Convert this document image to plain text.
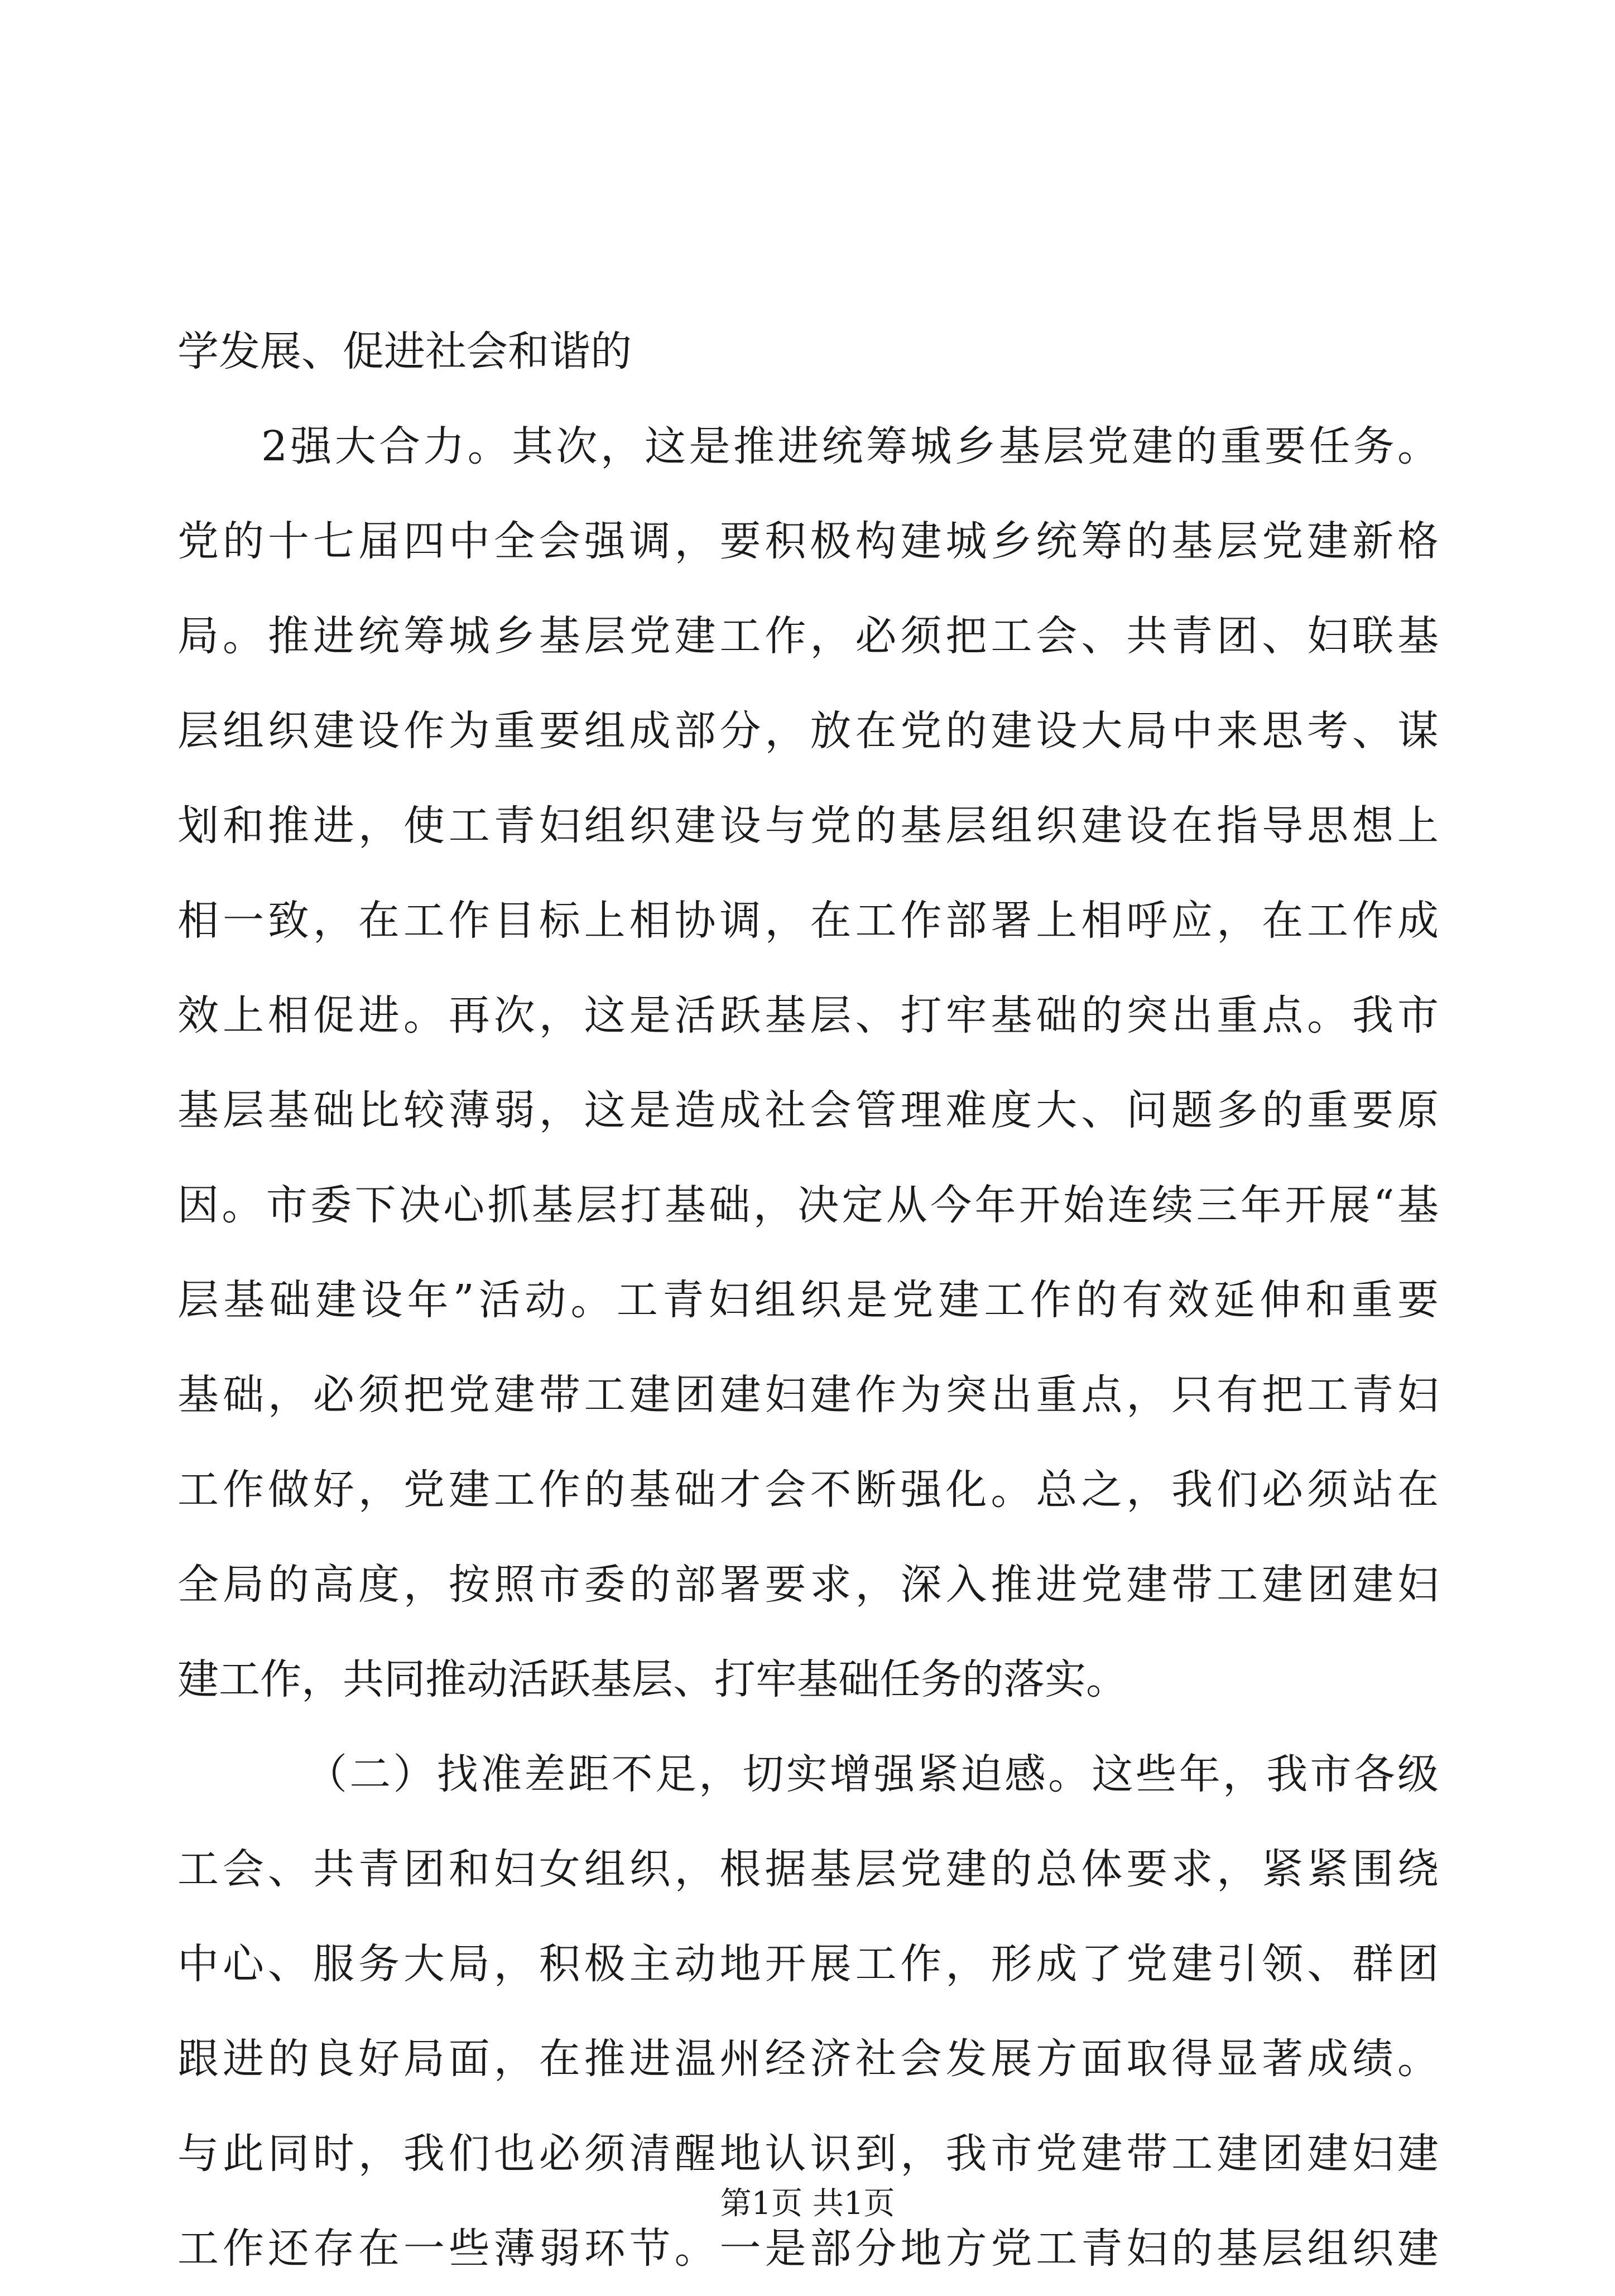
学发展、促进社会和谐的
2强大合力。其次，这是推进统筹城乡基层党建的重要任务。
党的十七届四中全会强调，要积极构建城乡统筹的基层党建新格
局。推进统筹城乡基层党建工作，必须把工会、共青团、妇联基
层组织建设作为重要组成部分，放在党的建设大局中来思考、谋
划和推进，使工青妇组织建设与党的基层组织建设在指导思想上
相一致，在工作目标上相协调，在工作部署上相呼应，在工作成
效上相促进。再次，这是活跃基层、打牢基础的突出重点。我市
基层基础比较薄弱，这是造成社会管理难度大、问题多的重要原
因。市委下决心抓基层打基础，决定从今年开始连续三年开展“基
层基础建设年”活动。工青妇组织是党建工作的有效延伸和重要
基础，必须把党建带工建团建妇建作为突出重点，只有把工青妇
工作做好，党建工作的基础才会不断强化。总之，我们必须站在
全局的高度，按照市委的部署要求，深入推进党建带工建团建妇
建工作，共同推动活跃基层、打牢基础任务的落实。
（二）找准差距不足，切实增强紧迫感。这些年，我市各级
工会、共青团和妇女组织，根据基层党建的总体要求，紧紧围绕
中心、服务大局，积极主动地开展工作，形成了党建引领、群团
跟进的良好局面，在推进温州经济社会发展方面取得显著成绩。
与此同时，我们也必须清醒地认识到，我市党建带工建团建妇建
工作还存在一些薄弱环节。一是部分地方党工青妇的基层组织建
第1页 共1页
